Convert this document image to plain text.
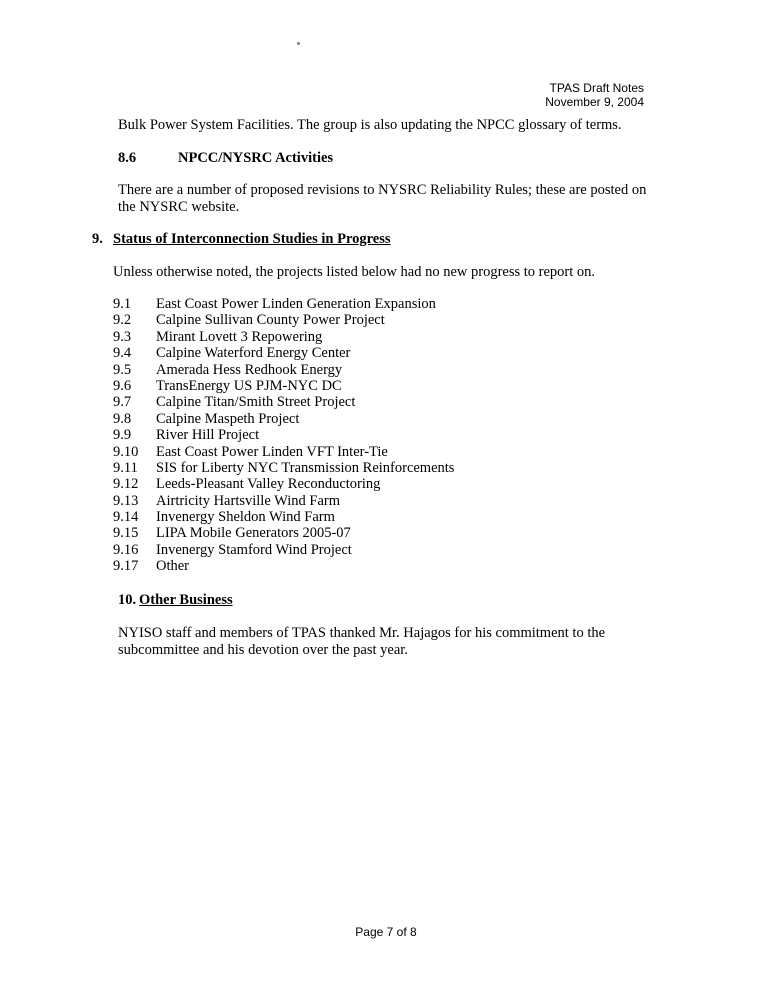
TPAS Draft Notes
November 9, 2004
Bulk Power System Facilities. The group is also updating the NPCC glossary of terms.
8.6	NPCC/NYSRC Activities
There are a number of proposed revisions to NYSRC Reliability Rules; these are posted on
the NYSRC website.
9. Status of Interconnection Studies in Progress
Unless otherwise noted, the projects listed below had no new progress to report on.
9.1 East Coast Power Linden Generation Expansion
9.2 Calpine Sullivan County Power Project
9.3 Mirant Lovett 3 Repowering
9.4 Calpine Waterford Energy Center
9.5 Amerada Hess Redhook Energy
9.6 TransEnergy US PJM-NYC DC
9.7 Calpine Titan/Smith Street Project
9.8 Calpine Maspeth Project
9.9 River Hill Project
9.10 East Coast Power Linden VFT Inter-Tie
9.11 SIS for Liberty NYC Transmission Reinforcements
9.12 Leeds-Pleasant Valley Reconductoring
9.13 Airtricity Hartsville Wind Farm
9.14 Invenergy Sheldon Wind Farm
9.15 LIPA Mobile Generators 2005-07
9.16 Invenergy Stamford Wind Project
9.17 Other
10. Other Business
NYISO staff and members of TPAS thanked Mr. Hajagos for his commitment to the
subcommittee and his devotion over the past year.
Page 7 of 8
